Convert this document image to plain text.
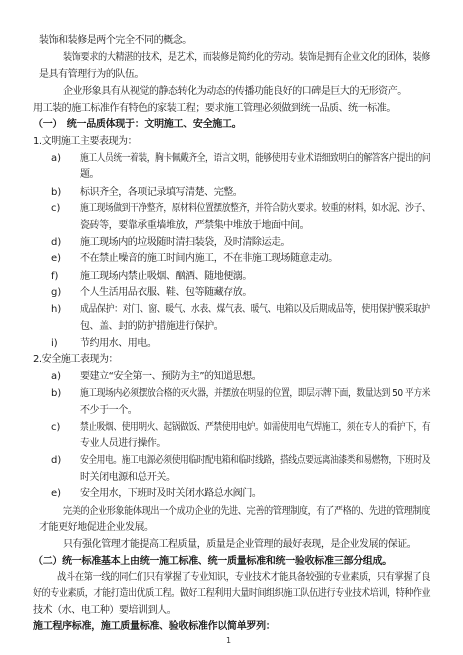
装饰和装修是两个完全不同的概念。
装饰要求的大精湛的技术，是艺术，而装修是简约化的劳动。装饰是拥有企业文化的团体，装修
是具有管理行为的队伍。
企业形象具有从视觉的静态转化为动态的传播功能良好的口碑是巨大的无形资产。
用工装的施工标准作有特色的家装工程；要求施工管理必须做到统一品质、统一标准。
（一）　统一品质体现于：文明施工、安全施工。
1.文明施工主要表现为：
a) 施工人员统一着装，胸卡佩戴齐全，语言文明，能够使用专业术语细致明白的解答客户提出的问
题。
b) 标识齐全，各项记录填写清楚、完整。
c) 施工现场做到干净整齐，原材料位置摆放整齐，并符合防火要求。较重的材料，如水泥、沙子、
瓷砖等，要靠承重墙堆放，严禁集中堆放于地面中间。
d) 施工现场内的垃圾随时清扫装袋，及时清除运走。
e) 不在禁止噪音的施工时间内施工，不在非施工现场随意走动。
f) 施工现场内禁止吸烟、酗酒、随地便溺。
g) 个人生活用品衣服、鞋、包等随藏存放。
h) 成品保护：对门、窗、暖气、水表、煤气表、暖气、电箱以及后期成品等，使用保护膜采取护
包、盖、封的防护措施进行保护。
i) 节约用水、用电。
2.安全施工表现为：
a) 要建立“安全第一、预防为主”的知道思想。
b) 施工现场内必须摆放合格的灭火器，并摆放在明显的位置，即层示牌下面，数量达到 50 平方米
不少于一个。
c) 禁止吸烟、使用明火、起锅做饭、严禁使用电炉。如需使用电气焊施工，须在专人的看护下，有
专业人员进行操作。
d) 安全用电。施工电源必须使用临时配电箱和临时线路，搭线点要远离油漆类和易燃物，下班时及
时关闭电源和总开关。
e) 安全用水，下班时及时关闭水路总水阀门。
完美的企业形象能体现出一个成功企业的先进、完善的管理制度，有了严格的、先进的管理制度
才能更好地促进企业发展。
只有强化管理才能提高工程质量，质量是企业管理的最好表现，是企业发展的保证。
（二）统一标准基本上由统一施工标准、统一质量标准和统一验收标准三部分组成。
战斗在第一线的同仁们只有掌握了专业知识，专业技术才能具备较强的专业素质，只有掌握了良
好的专业素质，才能打造出优质工程。做好工程利用大量时间组织施工队伍进行专业技术培训，特种作业
技术（水、电工种）要培训到人。
施工程序标准，施工质量标准、验收标准作以简单罗列：
1
